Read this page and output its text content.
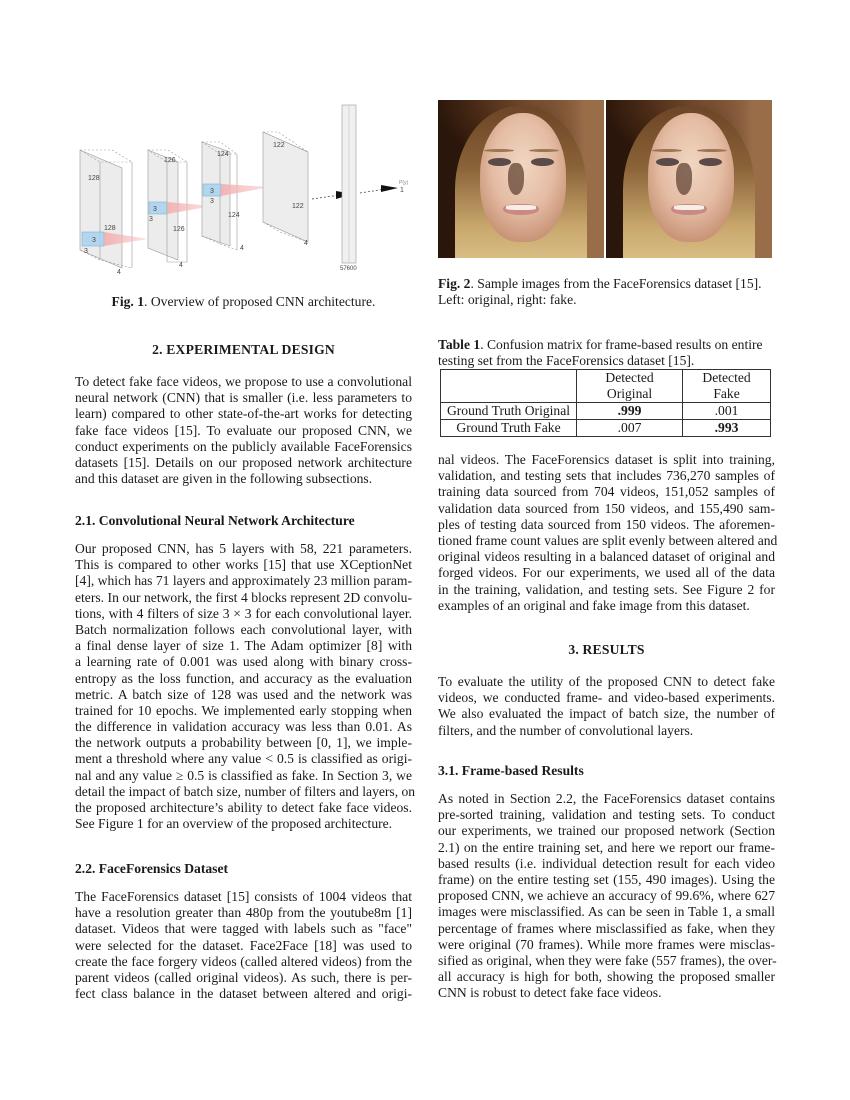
128
128
3
3
4
126
126
3
3
4
124
124
3
3
4
122
122
4
57600
P(y)
1
Fig. 1. Overview of proposed CNN architecture.
Fig. 2. Sample images from the FaceForensics dataset [15].
Left: original, right: fake.
Table 1. Confusion matrix for frame-based results on entire
testing set from the FaceForensics dataset [15].
	Detected Original	Detected Fake
Ground Truth Original	.999	.001
Ground Truth Fake	.007	.993
2. EXPERIMENTAL DESIGN
To detect fake face videos, we propose to use a convolutional
neural network (CNN) that is smaller (i.e. less parameters to
learn) compared to other state-of-the-art works for detecting
fake face videos [15]. To evaluate our proposed CNN, we
conduct experiments on the publicly available FaceForensics
datasets [15]. Details on our proposed network architecture
and this dataset are given in the following subsections.
2.1. Convolutional Neural Network Architecture
Our proposed CNN, has 5 layers with 58, 221 parameters.
This is compared to other works [15] that use XCeptionNet
[4], which has 71 layers and approximately 23 million param-
eters. In our network, the first 4 blocks represent 2D convolu-
tions, with 4 filters of size 3 × 3 for each convolutional layer.
Batch normalization follows each convolutional layer, with
a final dense layer of size 1. The Adam optimizer [8] with
a learning rate of 0.001 was used along with binary cross-
entropy as the loss function, and accuracy as the evaluation
metric. A batch size of 128 was used and the network was
trained for 10 epochs. We implemented early stopping when
the difference in validation accuracy was less than 0.01. As
the network outputs a probability between [0, 1], we imple-
ment a threshold where any value < 0.5 is classified as origi-
nal and any value ≥ 0.5 is classified as fake. In Section 3, we
detail the impact of batch size, number of filters and layers, on
the proposed architecture’s ability to detect fake face videos.
See Figure 1 for an overview of the proposed architecture.
2.2. FaceForensics Dataset
The FaceForensics dataset [15] consists of 1004 videos that
have a resolution greater than 480p from the youtube8m [1]
dataset. Videos that were tagged with labels such as "face"
were selected for the dataset. Face2Face [18] was used to
create the face forgery videos (called altered videos) from the
parent videos (called original videos). As such, there is per-
fect class balance in the dataset between altered and origi-
nal videos. The FaceForensics dataset is split into training,
validation, and testing sets that includes 736,270 samples of
training data sourced from 704 videos, 151,052 samples of
validation data sourced from 150 videos, and 155,490 sam-
ples of testing data sourced from 150 videos. The aforemen-
tioned frame count values are split evenly between altered and
original videos resulting in a balanced dataset of original and
forged videos. For our experiments, we used all of the data
in the training, validation, and testing sets. See Figure 2 for
examples of an original and fake image from this dataset.
3. RESULTS
To evaluate the utility of the proposed CNN to detect fake
videos, we conducted frame- and video-based experiments.
We also evaluated the impact of batch size, the number of
filters, and the number of convolutional layers.
3.1. Frame-based Results
As noted in Section 2.2, the FaceForensics dataset contains
pre-sorted training, validation and testing sets. To conduct
our experiments, we trained our proposed network (Section
2.1) on the entire training set, and here we report our frame-
based results (i.e. individual detection result for each video
frame) on the entire testing set (155, 490 images). Using the
proposed CNN, we achieve an accuracy of 99.6%, where 627
images were misclassified. As can be seen in Table 1, a small
percentage of frames where misclassified as fake, when they
were original (70 frames). While more frames were misclas-
sified as original, when they were fake (557 frames), the over-
all accuracy is high for both, showing the proposed smaller
CNN is robust to detect fake face videos.
